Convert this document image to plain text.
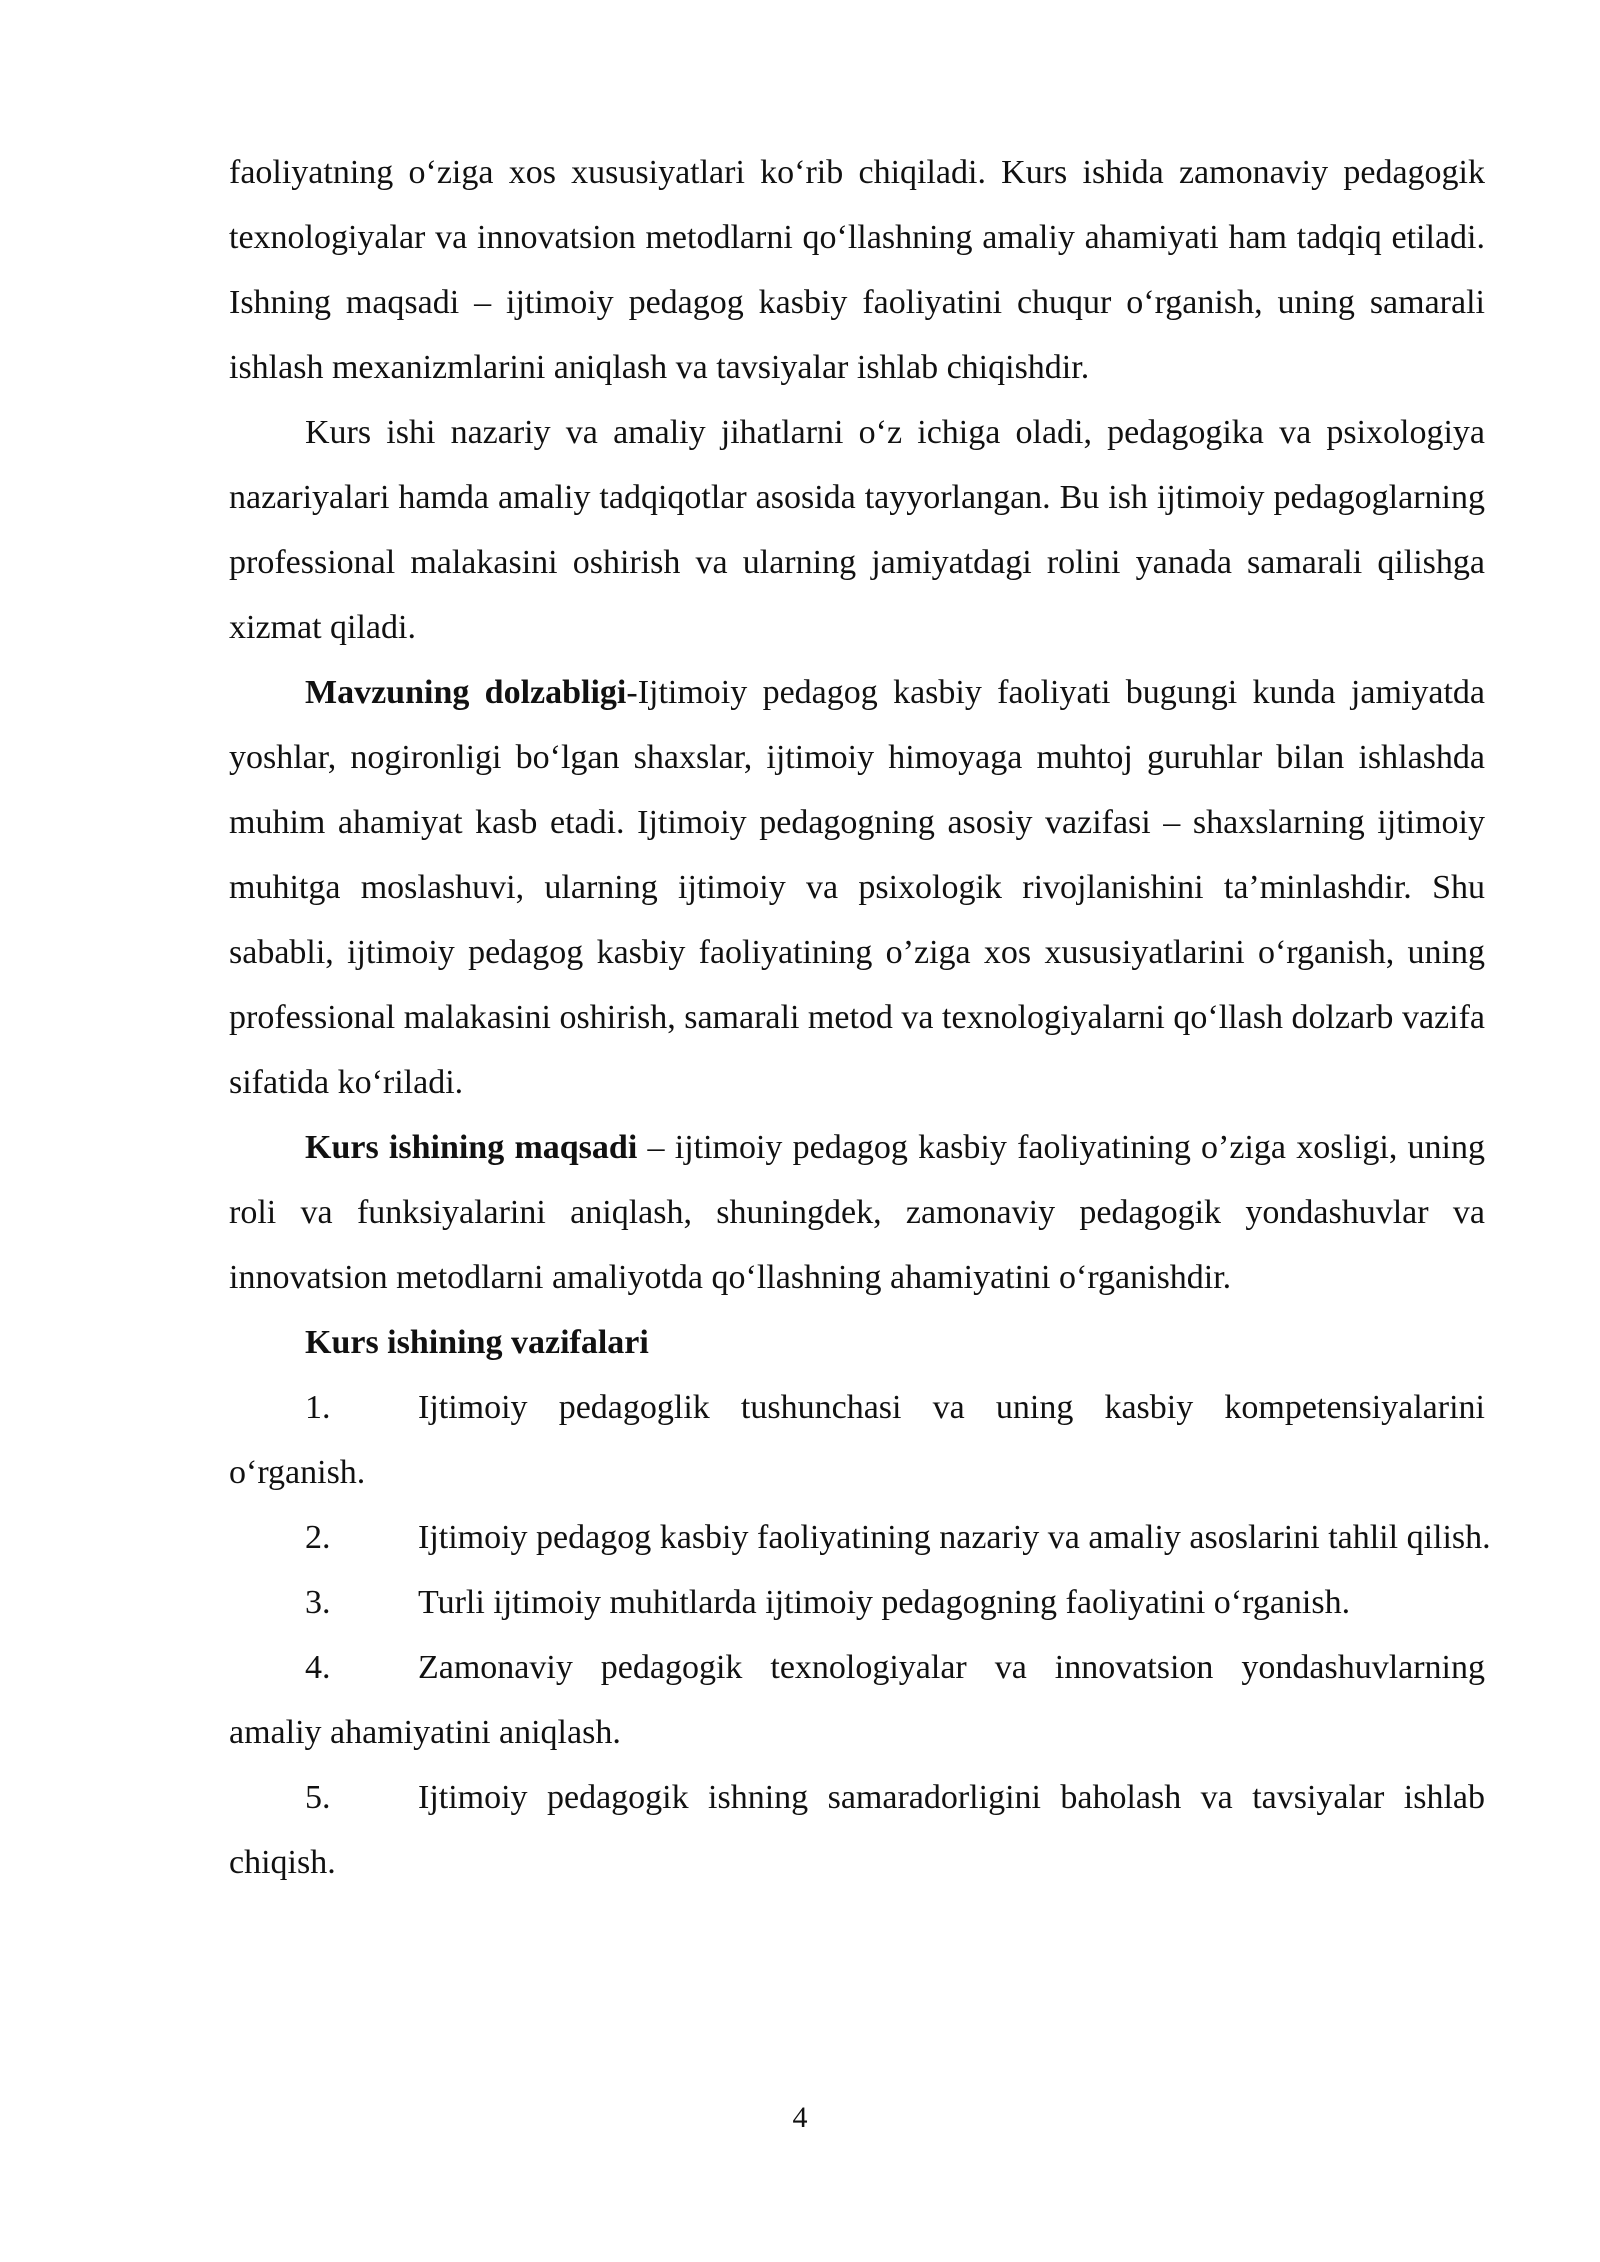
faoliyatning o‘ziga xos xususiyatlari ko‘rib chiqiladi. Kurs ishida zamonaviy pedagogik texnologiyalar va innovatsion metodlarni qo‘llashning amaliy ahamiyati ham tadqiq etiladi. Ishning maqsadi – ijtimoiy pedagog kasbiy faoliyatini chuqur o‘rganish, uning samarali ishlash mexanizmlarini aniqlash va tavsiyalar ishlab chiqishdir.

Kurs ishi nazariy va amaliy jihatlarni o‘z ichiga oladi, pedagogika va psixologiya nazariyalari hamda amaliy tadqiqotlar asosida tayyorlangan. Bu ish ijtimoiy pedagoglarning professional malakasini oshirish va ularning jamiyatdagi rolini yanada samarali qilishga xizmat qiladi.

Mavzuning dolzabligi-Ijtimoiy pedagog kasbiy faoliyati bugungi kunda jamiyatda yoshlar, nogironligi bo‘lgan shaxslar, ijtimoiy himoyaga muhtoj guruhlar bilan ishlashda muhim ahamiyat kasb etadi. Ijtimoiy pedagogning asosiy vazifasi – shaxslarning ijtimoiy muhitga moslashuvi, ularning ijtimoiy va psixologik rivojlanishini ta’minlashdir. Shu sababli, ijtimoiy pedagog kasbiy faoliyatining o’ziga xos xususiyatlarini o‘rganish, uning professional malakasini oshirish, samarali metod va texnologiyalarni qo‘llash dolzarb vazifa sifatida ko‘riladi.

Kurs ishining maqsadi – ijtimoiy pedagog kasbiy faoliyatining o’ziga xosligi, uning roli va funksiyalarini aniqlash, shuningdek, zamonaviy pedagogik yondashuvlar va innovatsion metodlarni amaliyotda qo‘llashning ahamiyatini o‘rganishdir.

Kurs ishining vazifalari

1.	Ijtimoiy pedagoglik tushunchasi va uning kasbiy kompetensiyalarini o‘rganish.

2.	Ijtimoiy pedagog kasbiy faoliyatining nazariy va amaliy asoslarini tahlil qilish.

3.	Turli ijtimoiy muhitlarda ijtimoiy pedagogning faoliyatini o‘rganish.

4.	Zamonaviy pedagogik texnologiyalar va innovatsion yondashuvlarning amaliy ahamiyatini aniqlash.

5.	Ijtimoiy pedagogik ishning samaradorligini baholash va tavsiyalar ishlab chiqish.

4
